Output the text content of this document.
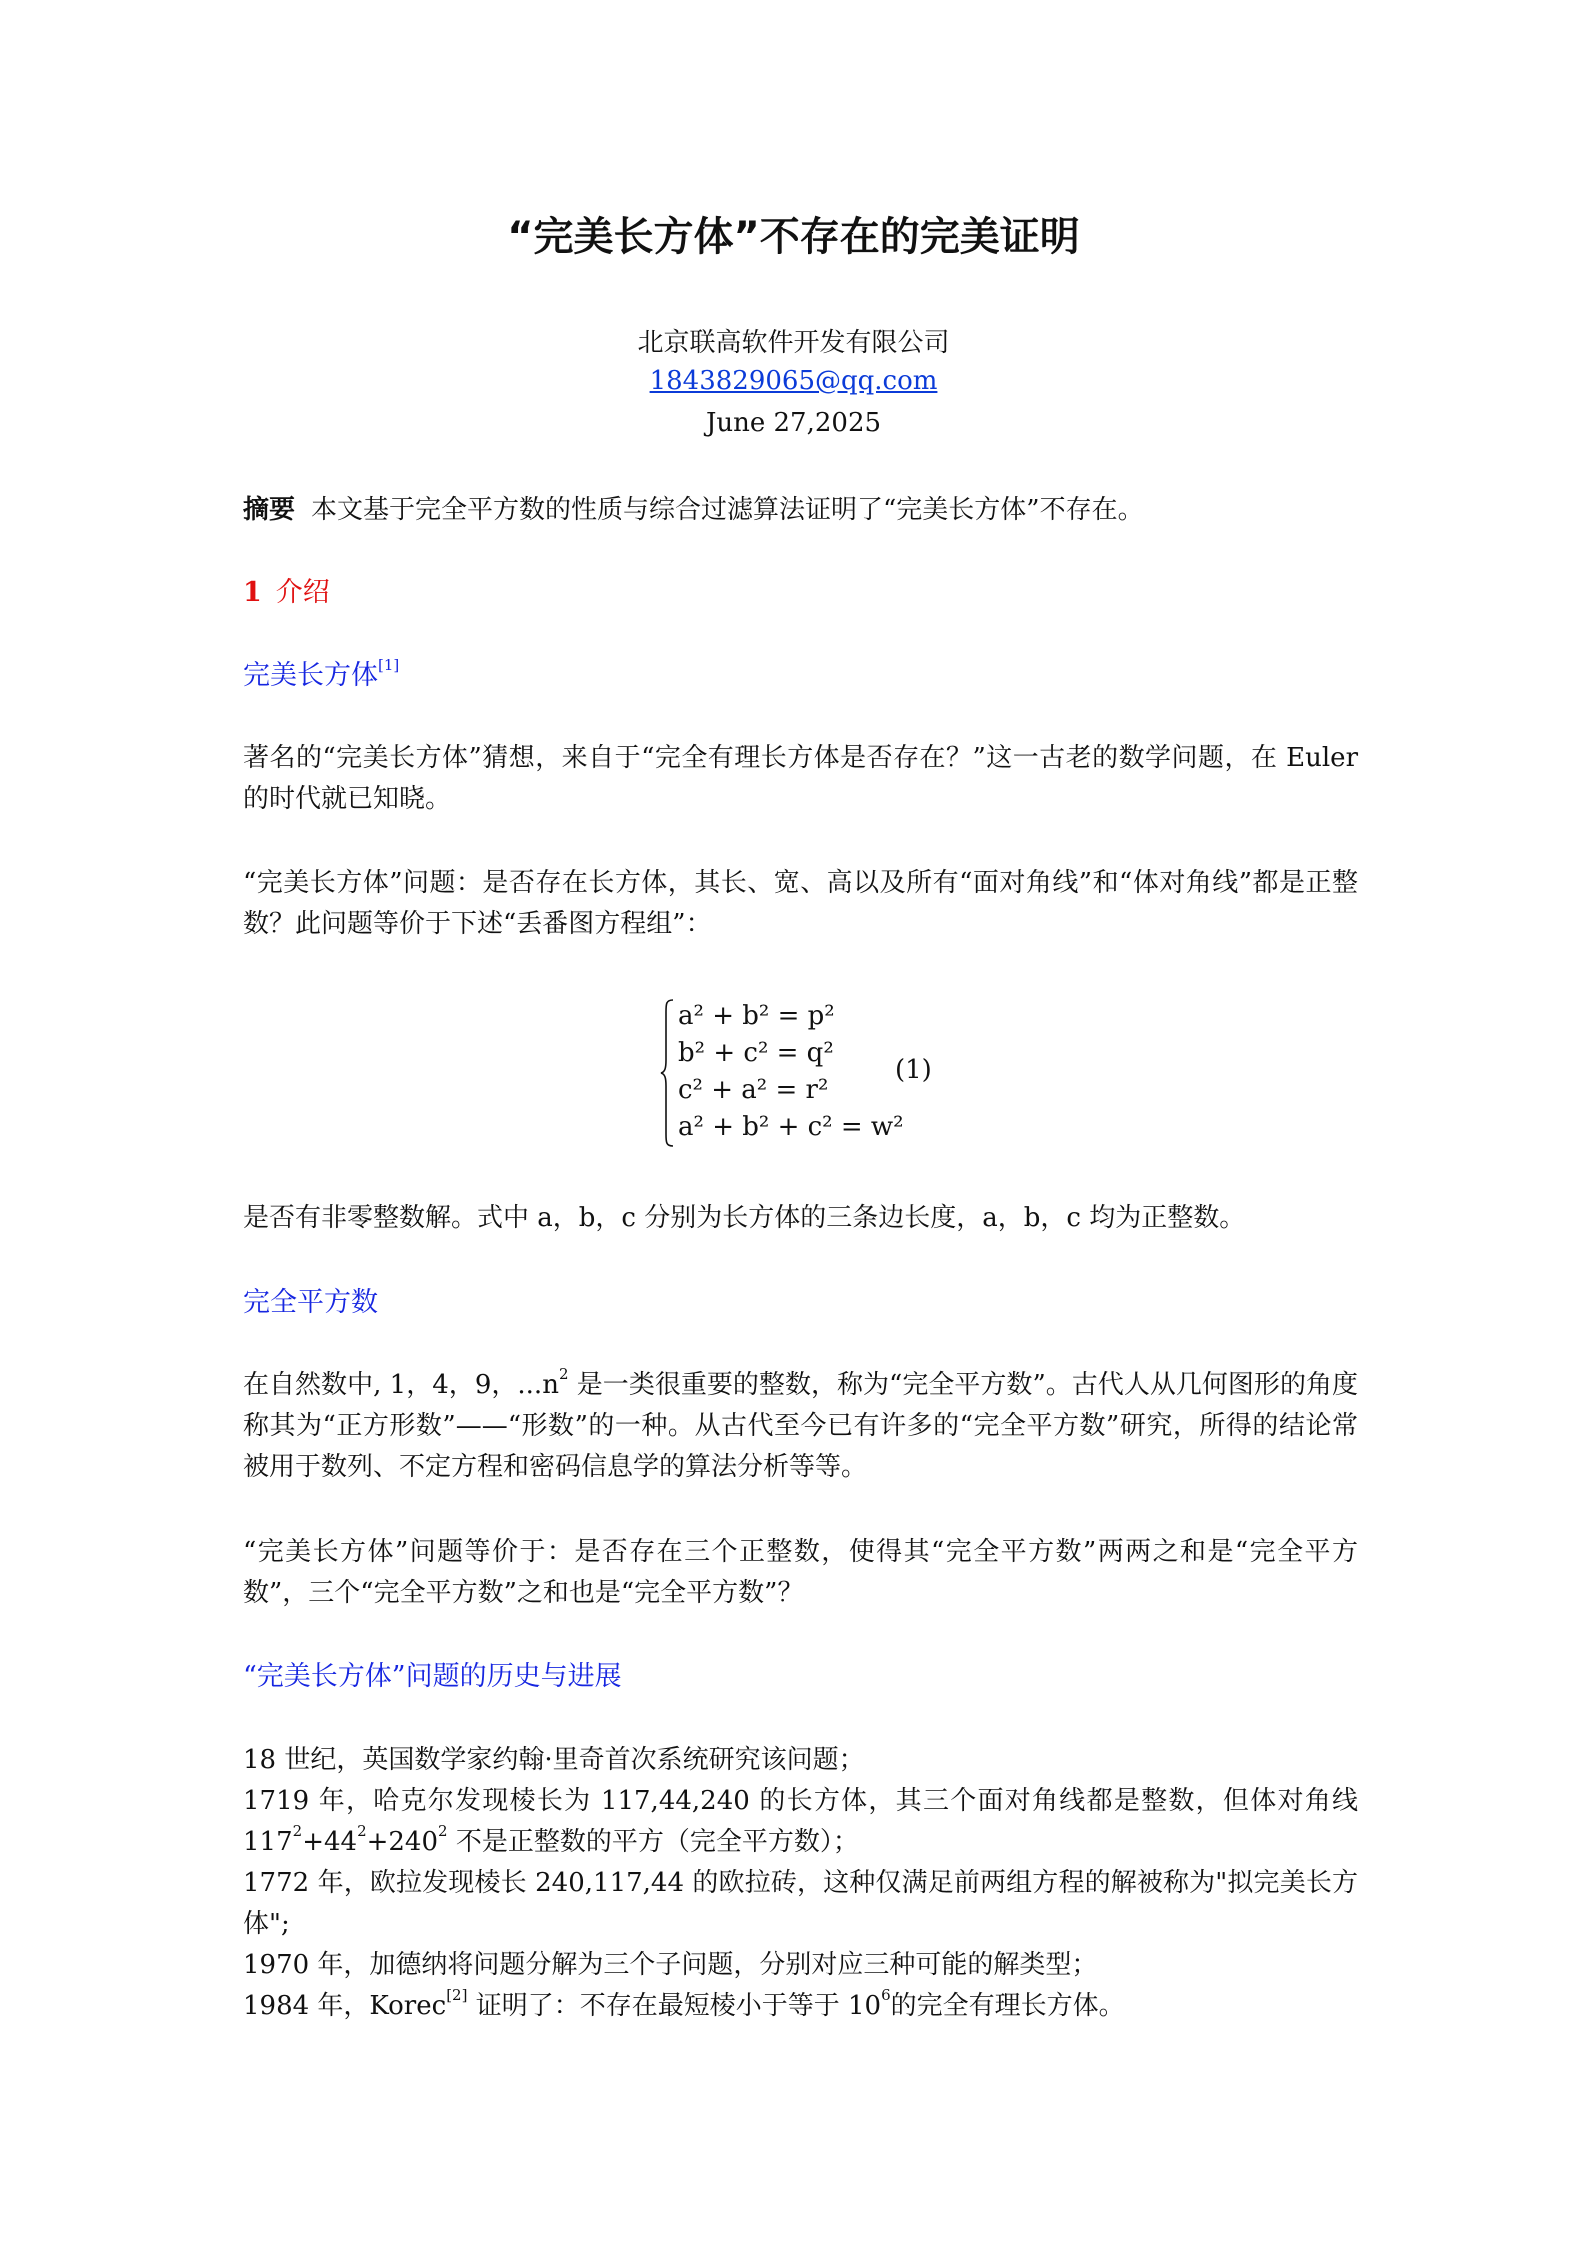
“完美长方体”不存在的完美证明
北京联高软件开发有限公司
1843829065@qq.com
June 27,2025
摘要 本文基于完全平方数的性质与综合过滤算法证明了“完美长方体”不存在。
1 介绍
完美长方体[1]
著名的“完美长方体”猜想，来自于“完全有理长方体是否存在？”这一古老的数学问题，在 Euler 的时代就已知晓。
“完美长方体”问题：是否存在长方体，其长、宽、高以及所有“面对角线”和“体对角线”都是正整数？此问题等价于下述“丢番图方程组”：
a² + b² = p²
b² + c² = q²
c² + a² = r²
a² + b² + c² = w²
(1)
是否有非零整数解。式中 a，b，c 分别为长方体的三条边长度，a，b，c 均为正整数。
完全平方数
在自然数中, 1，4，9，$...n^2$ 是一类很重要的整数，称为“完全平方数”。古代人从几何图形的角度称其为“正方形数”——“形数”的一种。从古代至今已有许多的“完全平方数”研究，所得的结论常被用于数列、不定方程和密码信息学的算法分析等等。
“完美长方体”问题等价于：是否存在三个正整数，使得其“完全平方数”两两之和是“完全平方数”，三个“完全平方数”之和也是“完全平方数”？
“完美长方体”问题的历史与进展
18 世纪，英国数学家约翰·里奇首次系统研究该问题；
1719 年，哈克尔发现棱长为 117,44,240 的长方体，其三个面对角线都是整数，但体对角线 $117^2+44^2+240^2$ 不是正整数的平方（完全平方数）；
1772 年，欧拉发现棱长 240,117,44 的欧拉砖，这种仅满足前两组方程的解被称为"拟完美长方体";
1970 年，加德纳将问题分解为三个子问题，分别对应三种可能的解类型；
1984 年，Korec[2] 证明了：不存在最短棱小于等于 $10^6$的完全有理长方体。
